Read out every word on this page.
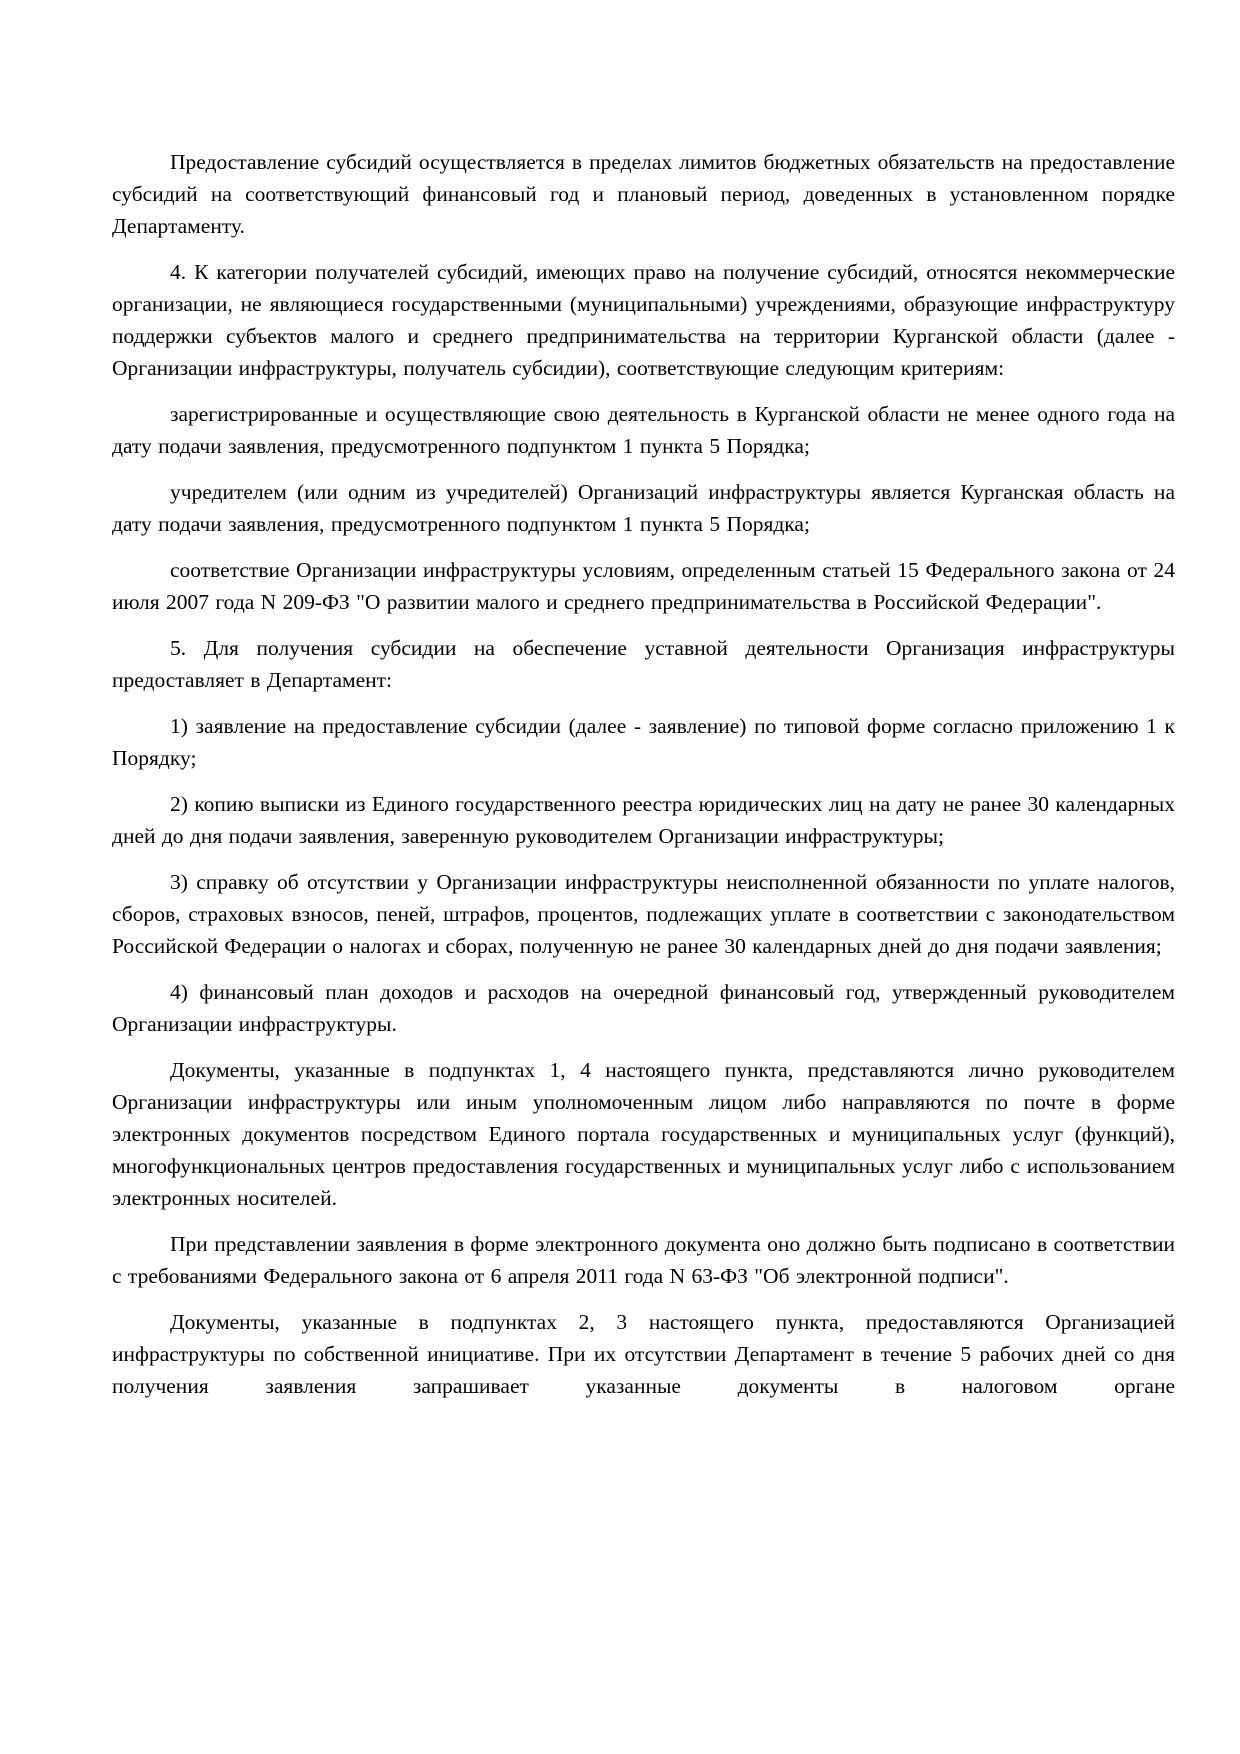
Предоставление субсидий осуществляется в пределах лимитов бюджетных обязательств на предоставление субсидий на соответствующий финансовый год и плановый период, доведенных в установленном порядке Департаменту.

4. К категории получателей субсидий, имеющих право на получение субсидий, относятся некоммерческие организации, не являющиеся государственными (муниципальными) учреждениями, образующие инфраструктуру поддержки субъектов малого и среднего предпринимательства на территории Курганской области (далее - Организации инфраструктуры, получатель субсидии), соответствующие следующим критериям:

зарегистрированные и осуществляющие свою деятельность в Курганской области не менее одного года на дату подачи заявления, предусмотренного подпунктом 1 пункта 5 Порядка;

учредителем (или одним из учредителей) Организаций инфраструктуры является Курганская область на дату подачи заявления, предусмотренного подпунктом 1 пункта 5 Порядка;

соответствие Организации инфраструктуры условиям, определенным статьей 15 Федерального закона от 24 июля 2007 года N 209-ФЗ "О развитии малого и среднего предпринимательства в Российской Федерации".

5. Для получения субсидии на обеспечение уставной деятельности Организация инфраструктуры предоставляет в Департамент:

1) заявление на предоставление субсидии (далее - заявление) по типовой форме согласно приложению 1 к Порядку;

2) копию выписки из Единого государственного реестра юридических лиц на дату не ранее 30 календарных дней до дня подачи заявления, заверенную руководителем Организации инфраструктуры;

3) справку об отсутствии у Организации инфраструктуры неисполненной обязанности по уплате налогов, сборов, страховых взносов, пеней, штрафов, процентов, подлежащих уплате в соответствии с законодательством Российской Федерации о налогах и сборах, полученную не ранее 30 календарных дней до дня подачи заявления;

4) финансовый план доходов и расходов на очередной финансовый год, утвержденный руководителем Организации инфраструктуры.

Документы, указанные в подпунктах 1, 4 настоящего пункта, представляются лично руководителем Организации инфраструктуры или иным уполномоченным лицом либо направляются по почте в форме электронных документов посредством Единого портала государственных и муниципальных услуг (функций), многофункциональных центров предоставления государственных и муниципальных услуг либо с использованием электронных носителей.

При представлении заявления в форме электронного документа оно должно быть подписано в соответствии с требованиями Федерального закона от 6 апреля 2011 года N 63-ФЗ "Об электронной подписи".

Документы, указанные в подпунктах 2, 3 настоящего пункта, предоставляются Организацией инфраструктуры по собственной инициативе. При их отсутствии Департамент в течение 5 рабочих дней со дня получения заявления запрашивает указанные документы в налоговом органе
